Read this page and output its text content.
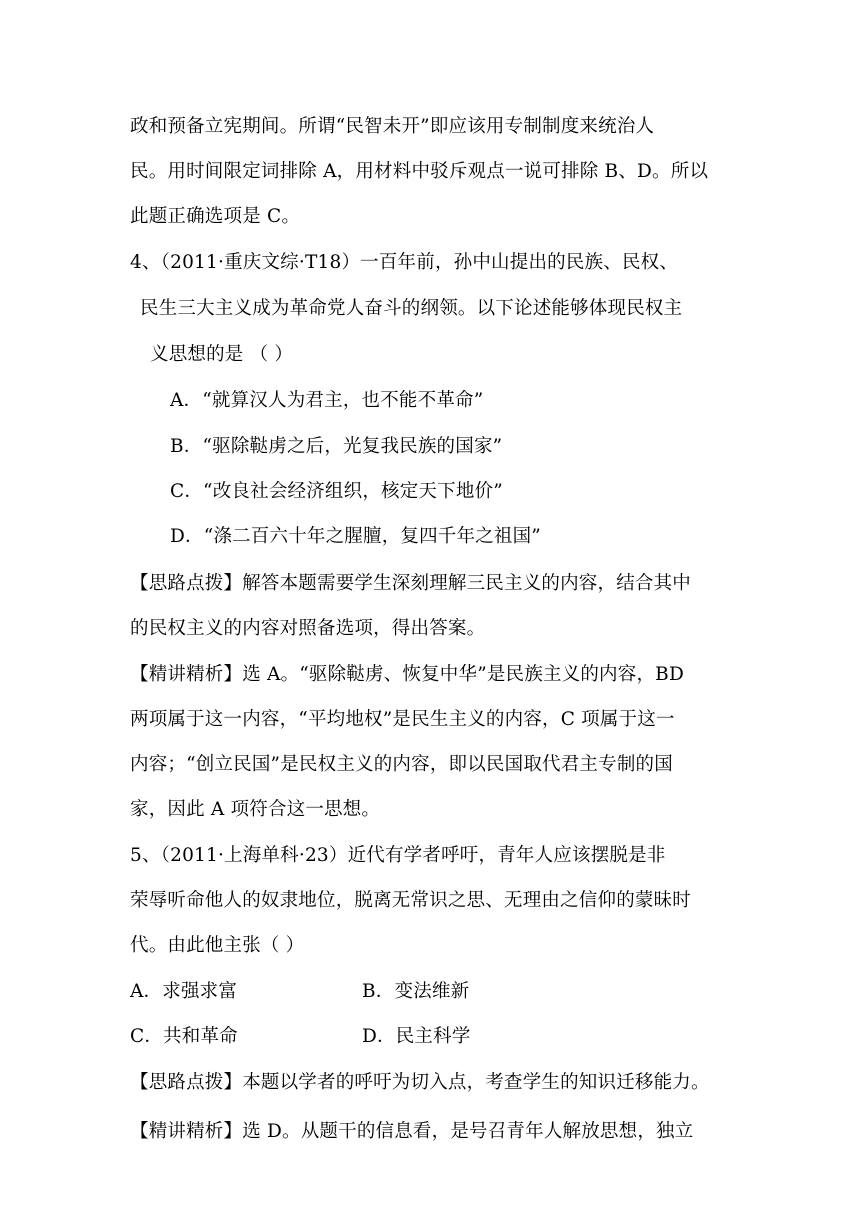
政和预备立宪期间。所谓“民智未开”即应该用专制制度来统治人
民。用时间限定词排除 A，用材料中驳斥观点一说可排除 B、D。所以
此题正确选项是 C。
4、（2011·重庆文综·T18）一百年前，孙中山提出的民族、民权、
民生三大主义成为革命党人奋斗的纲领。以下论述能够体现民权主
义思想的是 （ ）
A．“就算汉人为君主，也不能不革命”
B．“驱除鞑虏之后，光复我民族的国家”
C．“改良社会经济组织，核定天下地价”
D．“涤二百六十年之腥膻，复四千年之祖国”
【思路点拨】解答本题需要学生深刻理解三民主义的内容，结合其中
的民权主义的内容对照备选项，得出答案。
【精讲精析】选 A。“驱除鞑虏、恢复中华”是民族主义的内容，BD
两项属于这一内容，“平均地权”是民生主义的内容，C 项属于这一
内容；“创立民国”是民权主义的内容，即以民国取代君主专制的国
家，因此 A 项符合这一思想。
5、（2011·上海单科·23）近代有学者呼吁，青年人应该摆脱是非
荣辱听命他人的奴隶地位，脱离无常识之思、无理由之信仰的蒙昧时
代。由此他主张（ ）
A．求强求富	B．变法维新
C．共和革命	D．民主科学
【思路点拨】本题以学者的呼吁为切入点，考查学生的知识迁移能力。
【精讲精析】选 D。从题干的信息看，是号召青年人解放思想，独立
